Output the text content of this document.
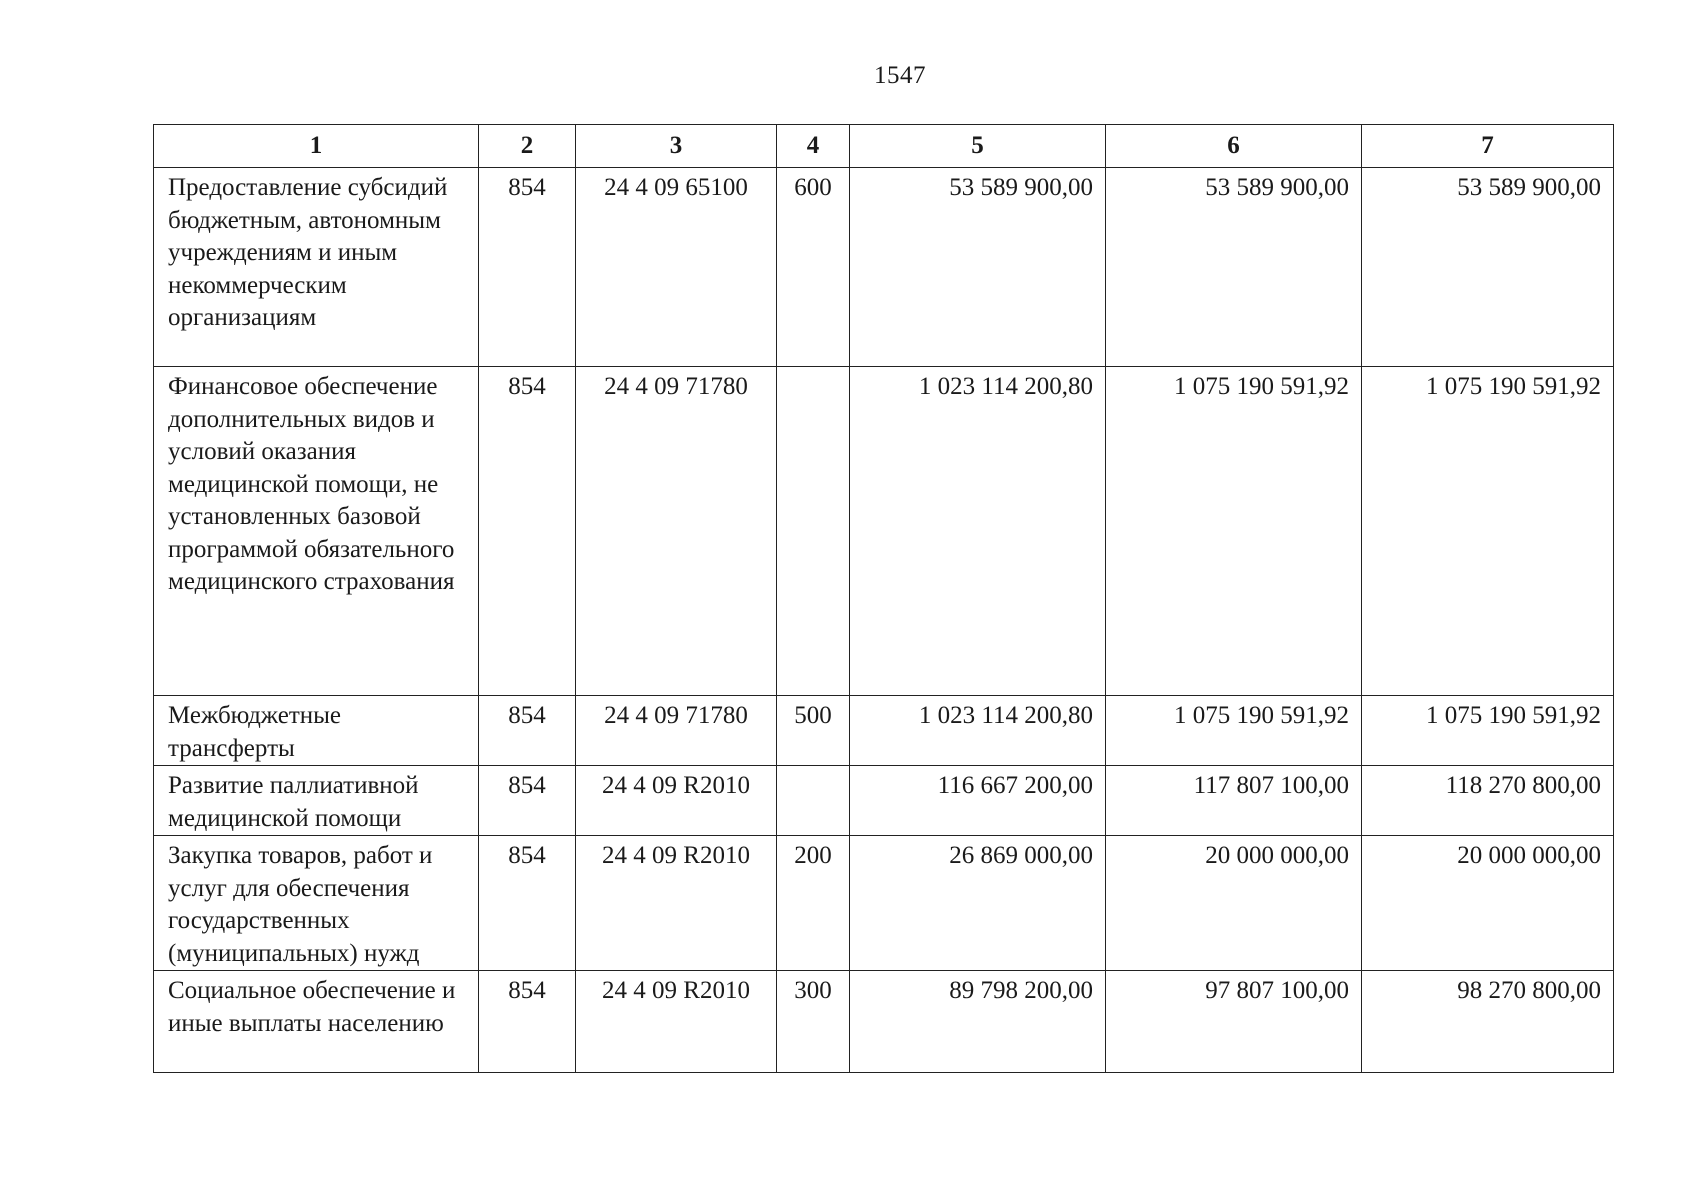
1547
1	2	3	4	5	6	7
Предоставление субсидий бюджетным, автономным учреждениям и иным некоммерческим организациям	854	24 4 09 65100	600	53 589 900,00	53 589 900,00	53 589 900,00
Финансовое обеспечение дополнительных видов и условий оказания медицинской помощи, не установленных базовой программой обязательного медицинского страхования	854	24 4 09 71780		1 023 114 200,80	1 075 190 591,92	1 075 190 591,92
Межбюджетные трансферты	854	24 4 09 71780	500	1 023 114 200,80	1 075 190 591,92	1 075 190 591,92
Развитие паллиативной медицинской помощи	854	24 4 09 R2010		116 667 200,00	117 807 100,00	118 270 800,00
Закупка товаров, работ и услуг для обеспечения государственных (муниципальных) нужд	854	24 4 09 R2010	200	26 869 000,00	20 000 000,00	20 000 000,00
Социальное обеспечение и иные выплаты населению	854	24 4 09 R2010	300	89 798 200,00	97 807 100,00	98 270 800,00
